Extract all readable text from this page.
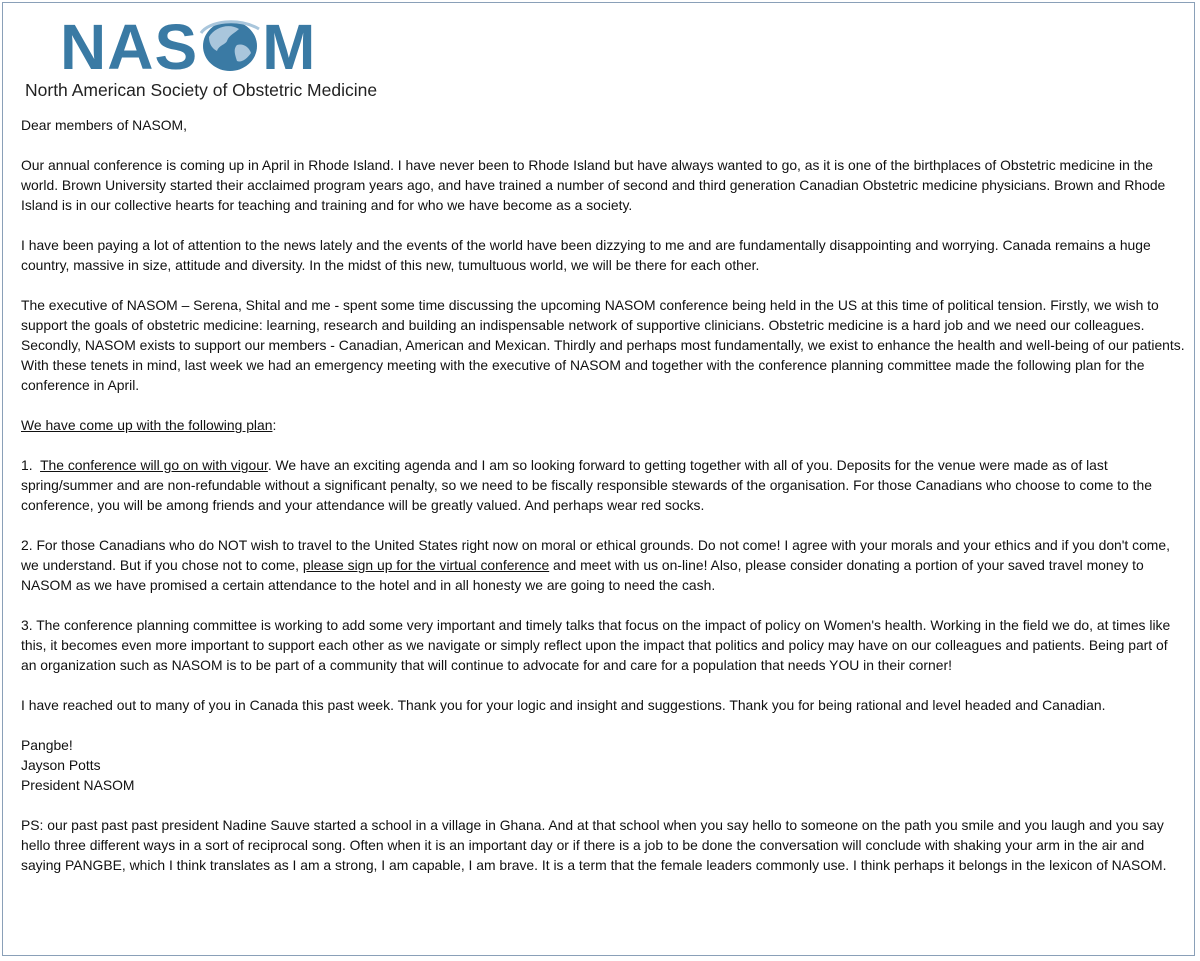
NAS M
North American Society of Obstetric Medicine

Dear members of NASOM,

Our annual conference is coming up in April in Rhode Island. I have never been to Rhode Island but have always wanted to go, as it is one of the birthplaces of Obstetric medicine in the world. Brown University started their acclaimed program years ago, and have trained a number of second and third generation Canadian Obstetric medicine physicians. Brown and Rhode Island is in our collective hearts for teaching and training and for who we have become as a society.

I have been paying a lot of attention to the news lately and the events of the world have been dizzying to me and are fundamentally disappointing and worrying. Canada remains a huge country, massive in size, attitude and diversity. In the midst of this new, tumultuous world, we will be there for each other.

The executive of NASOM – Serena, Shital and me - spent some time discussing the upcoming NASOM conference being held in the US at this time of political tension. Firstly, we wish to support the goals of obstetric medicine: learning, research and building an indispensable network of supportive clinicians. Obstetric medicine is a hard job and we need our colleagues. Secondly, NASOM exists to support our members - Canadian, American and Mexican. Thirdly and perhaps most fundamentally, we exist to enhance the health and well-being of our patients. With these tenets in mind, last week we had an emergency meeting with the executive of NASOM and together with the conference planning committee made the following plan for the conference in April.

We have come up with the following plan:

1.  The conference will go on with vigour. We have an exciting agenda and I am so looking forward to getting together with all of you. Deposits for the venue were made as of last spring/summer and are non-refundable without a significant penalty, so we need to be fiscally responsible stewards of the organisation. For those Canadians who choose to come to the conference, you will be among friends and your attendance will be greatly valued. And perhaps wear red socks.

2. For those Canadians who do NOT wish to travel to the United States right now on moral or ethical grounds. Do not come! I agree with your morals and your ethics and if you don't come, we understand. But if you chose not to come, please sign up for the virtual conference and meet with us on-line! Also, please consider donating a portion of your saved travel money to NASOM as we have promised a certain attendance to the hotel and in all honesty we are going to need the cash.

3. The conference planning committee is working to add some very important and timely talks that focus on the impact of policy on Women's health. Working in the field we do, at times like this, it becomes even more important to support each other as we navigate or simply reflect upon the impact that politics and policy may have on our colleagues and patients. Being part of an organization such as NASOM is to be part of a community that will continue to advocate for and care for a population that needs YOU in their corner!

I have reached out to many of you in Canada this past week. Thank you for your logic and insight and suggestions. Thank you for being rational and level headed and Canadian.

Pangbe!
Jayson Potts
President NASOM

PS: our past past past president Nadine Sauve started a school in a village in Ghana. And at that school when you say hello to someone on the path you smile and you laugh and you say hello three different ways in a sort of reciprocal song. Often when it is an important day or if there is a job to be done the conversation will conclude with shaking your arm in the air and saying PANGBE, which I think translates as I am a strong, I am capable, I am brave. It is a term that the female leaders commonly use. I think perhaps it belongs in the lexicon of NASOM.
